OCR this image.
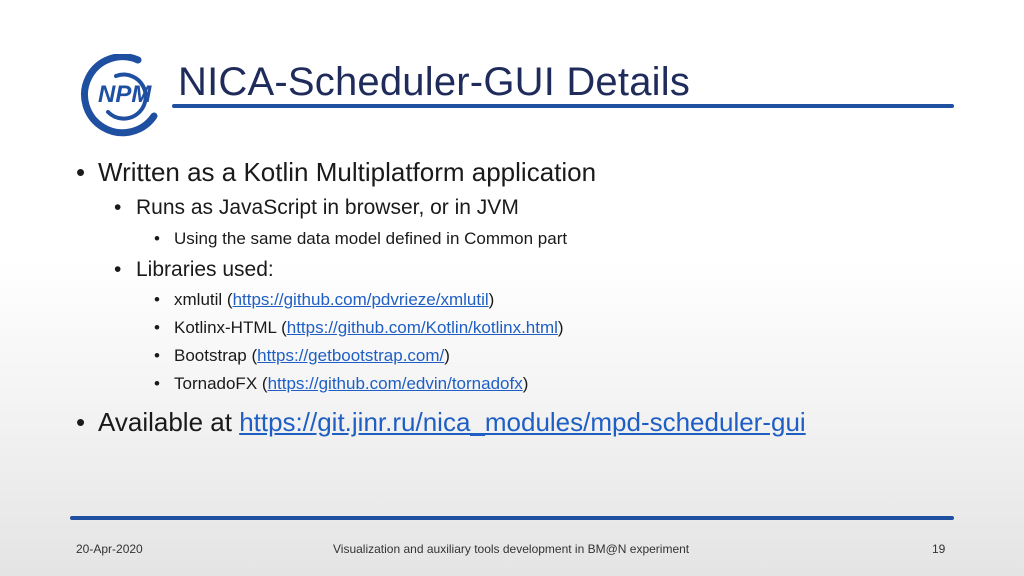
NPM NICA-Scheduler-GUI Details
• Written as a Kotlin Multiplatform application
• Runs as JavaScript in browser, or in JVM
• Using the same data model defined in Common part
• Libraries used:
• xmlutil (https://github.com/pdvrieze/xmlutil)
• Kotlinx-HTML (https://github.com/Kotlin/kotlinx.html)
• Bootstrap (https://getbootstrap.com/)
• TornadoFX (https://github.com/edvin/tornadofx)
• Available at https://git.jinr.ru/nica_modules/mpd-scheduler-gui
20-Apr-2020	Visualization and auxiliary tools development in BM@N experiment	19
